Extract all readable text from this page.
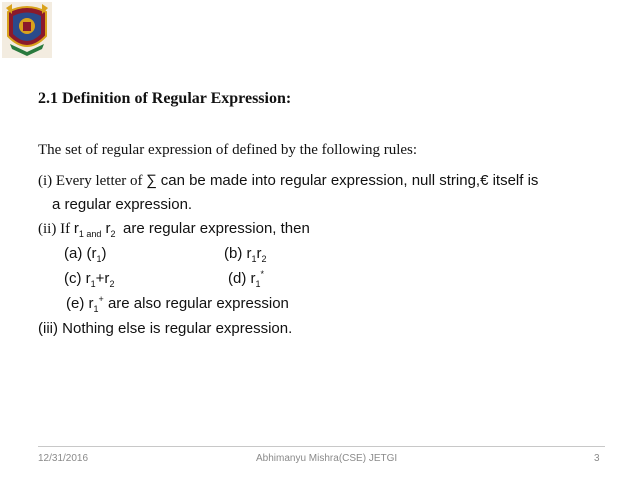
2.1 Definition of Regular Expression:
The set of regular expression of defined by the following rules:
(i) Every letter of ∑ can be made into regular expression, null string,€ itself is
a regular expression.
(ii) If $r_{1 and}$ $r_2$ are regular expression, then
(a) $(r_1)$	(b) $r_1r_2$
(c) $r_1+r_2$	(d) $r_1^*$
(e) $r_1^+$ are also regular expression
(iii) Nothing else is regular expression.
12/31/2016	Abhimanyu Mishra(CSE) JETGI	3
